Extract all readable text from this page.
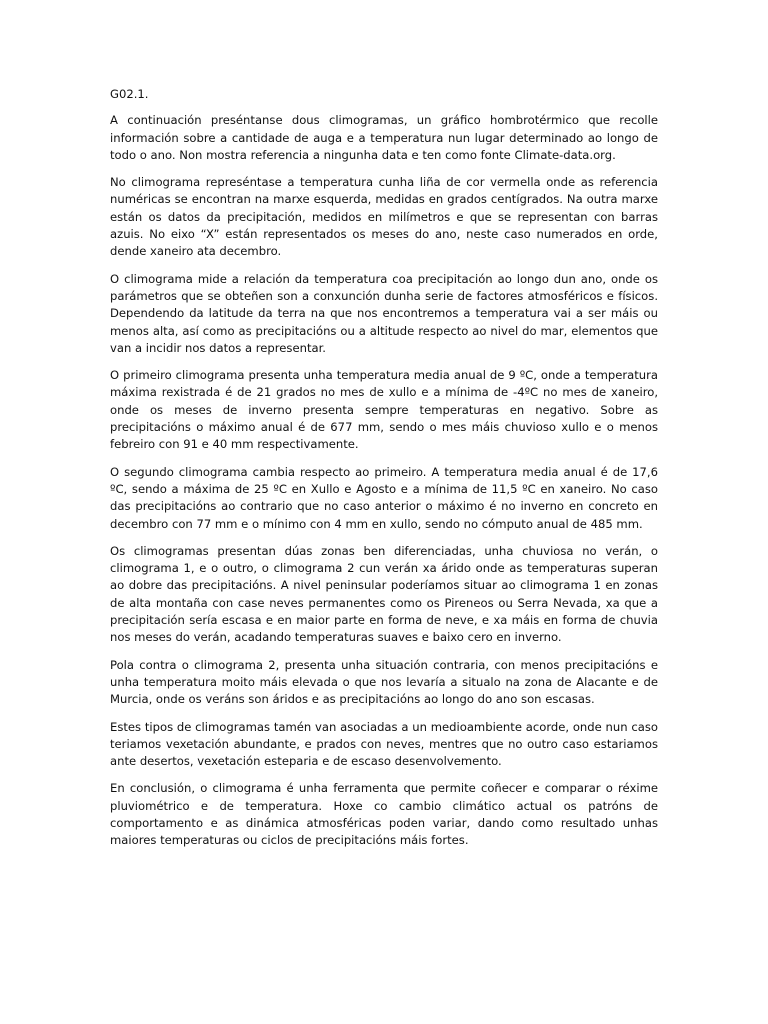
G02.1.

A continuación preséntanse dous climogramas, un gráfico hombrotérmico que recolle información sobre a cantidade de auga e a temperatura nun lugar determinado ao longo de todo o ano. Non mostra referencia a ningunha data e ten como fonte Climate-data.org.

No climograma represéntase a temperatura cunha liña de cor vermella onde as referencia numéricas se encontran na marxe esquerda, medidas en grados centígrados. Na outra marxe están os datos da precipitación, medidos en milímetros e que se representan con barras azuis. No eixo “X” están representados os meses do ano, neste caso numerados en orde, dende xaneiro ata decembro.

O climograma mide a relación da temperatura coa precipitación ao longo dun ano, onde os parámetros que se obteñen son a conxunción dunha serie de factores atmosféricos e físicos. Dependendo da latitude da terra na que nos encontremos a temperatura vai a ser máis ou menos alta, así como as precipitacións ou a altitude respecto ao nivel do mar, elementos que van a incidir nos datos a representar.

O primeiro climograma presenta unha temperatura media anual de 9 ºC, onde a temperatura máxima rexistrada é de 21 grados no mes de xullo e a mínima de -4ºC no mes de xaneiro, onde os meses de inverno presenta sempre temperaturas en negativo. Sobre as precipitacións o máximo anual é de 677 mm, sendo o mes máis chuvioso xullo e o menos febreiro con 91 e 40 mm respectivamente.

O segundo climograma cambia respecto ao primeiro. A temperatura media anual é de 17,6 ºC, sendo a máxima de 25 ºC en Xullo e Agosto e a mínima de 11,5 ºC en xaneiro. No caso das precipitacións ao contrario que no caso anterior o máximo é no inverno en concreto en decembro con 77 mm e o mínimo con 4 mm en xullo, sendo no cómputo anual de 485 mm.

Os climogramas presentan dúas zonas ben diferenciadas, unha chuviosa no verán, o climograma 1, e o outro, o climograma 2 cun verán xa árido onde as temperaturas superan ao dobre das precipitacións. A nivel peninsular poderíamos situar ao climograma 1 en zonas de alta montaña con case neves permanentes como os Pireneos ou Serra Nevada, xa que a precipitación sería escasa e en maior parte en forma de neve, e xa máis en forma de chuvia nos meses do verán, acadando temperaturas suaves e baixo cero en inverno.

Pola contra o climograma 2, presenta unha situación contraria, con menos precipitacións e unha temperatura moito máis elevada o que nos levaría a situalo na zona de Alacante e de Murcia, onde os veráns son áridos e as precipitacións ao longo do ano son escasas.

Estes tipos de climogramas tamén van asociadas a un medioambiente acorde, onde nun caso teriamos vexetación abundante, e prados con neves, mentres que no outro caso estariamos ante desertos, vexetación esteparia e de escaso desenvolvemento.

En conclusión, o climograma é unha ferramenta que permite coñecer e comparar o réxime pluviométrico e de temperatura. Hoxe co cambio climático actual os patróns de comportamento e as dinámica atmosféricas poden variar, dando como resultado unhas maiores temperaturas ou ciclos de precipitacións máis fortes.
